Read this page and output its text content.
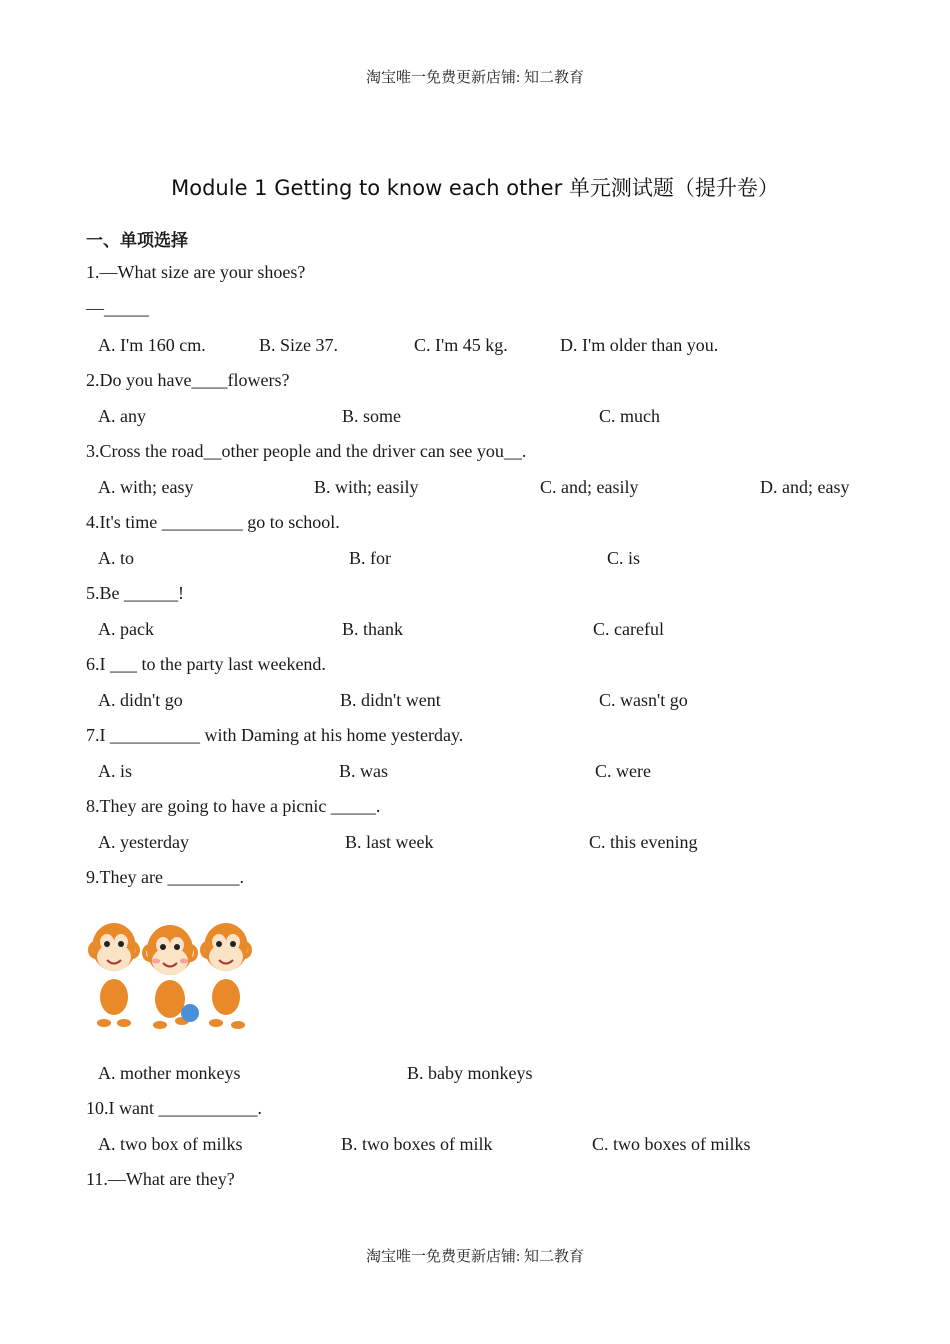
淘宝唯一免费更新店铺: 知二教育
Module 1 Getting to know each other 单元测试题（提升卷）
一、单项选择
1.—What size are your shoes?
—_____
A. I'm 160 cm.	B. Size 37.	C. I'm 45 kg.	D. I'm older than you.
2.Do you have____flowers?
A. any	B. some	C. much
3.Cross the road__other people and the driver can see you__.
A. with; easy	B. with; easily	C. and; easily	D. and; easy
4.It's time _________ go to school.
A. to	B. for	C. is
5.Be ______!
A. pack	B. thank	C. careful
6.I ___ to the party last weekend.
A. didn't go	B. didn't went	C. wasn't go
7.I __________ with Daming at his home yesterday.
A. is	B. was	C. were
8.They are going to have a picnic _____.
A. yesterday	B. last week	C. this evening
9.They are ________.
A. mother monkeys	B. baby monkeys
10.I want ___________.
A. two box of milks	B. two boxes of milk	C. two boxes of milks
11.—What are they?
淘宝唯一免费更新店铺: 知二教育
